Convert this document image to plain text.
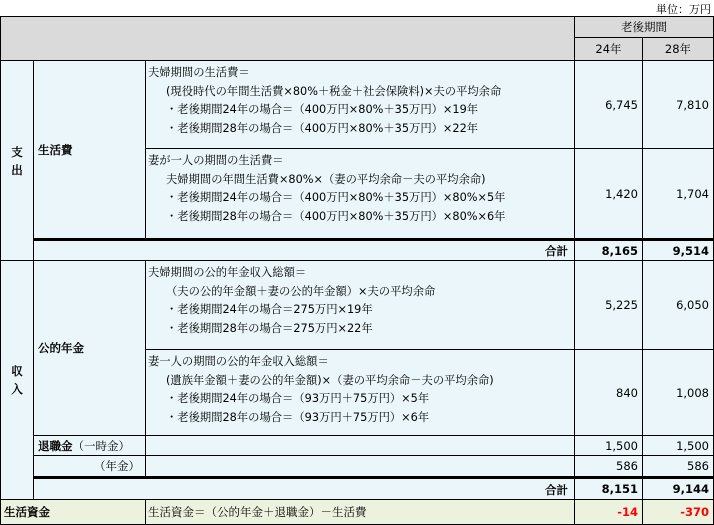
単位：万円
老後期間
24年	28年
支
出
生活費
夫婦期間の生活費＝
(現役時代の年間生活費×80%＋税金＋社会保険料)×夫の平均余命
・老後期間24年の場合＝（400万円×80%＋35万円）×19年
・老後期間28年の場合＝（400万円×80%＋35万円）×22年
6,745	7,810
妻が一人の期間の生活費＝
夫婦期間の年間生活費×80%×（妻の平均余命－夫の平均余命)
・老後期間24年の場合＝（400万円×80%＋35万円）×80%×5年
・老後期間28年の場合＝（400万円×80%＋35万円）×80%×6年
1,420	1,704
合計	8,165	9,514
収
入
公的年金
夫婦期間の公的年金収入総額＝
（夫の公的年金額＋妻の公的年金額）×夫の平均余命
・老後期間24年の場合＝275万円×19年
・老後期間28年の場合＝275万円×22年
5,225	6,050
妻一人の期間の公的年金収入総額＝
(遺族年金額＋妻の公的年金額)×（妻の平均余命－夫の平均余命)
・老後期間24年の場合＝（93万円＋75万円）×5年
・老後期間28年の場合＝（93万円＋75万円）×6年
840	1,008
退職金 （一時金）	1,500	1,500
（年金）	586	586
合計	8,151	9,144
生活資金	生活資金＝（公的年金＋退職金）－生活費	-14	-370
